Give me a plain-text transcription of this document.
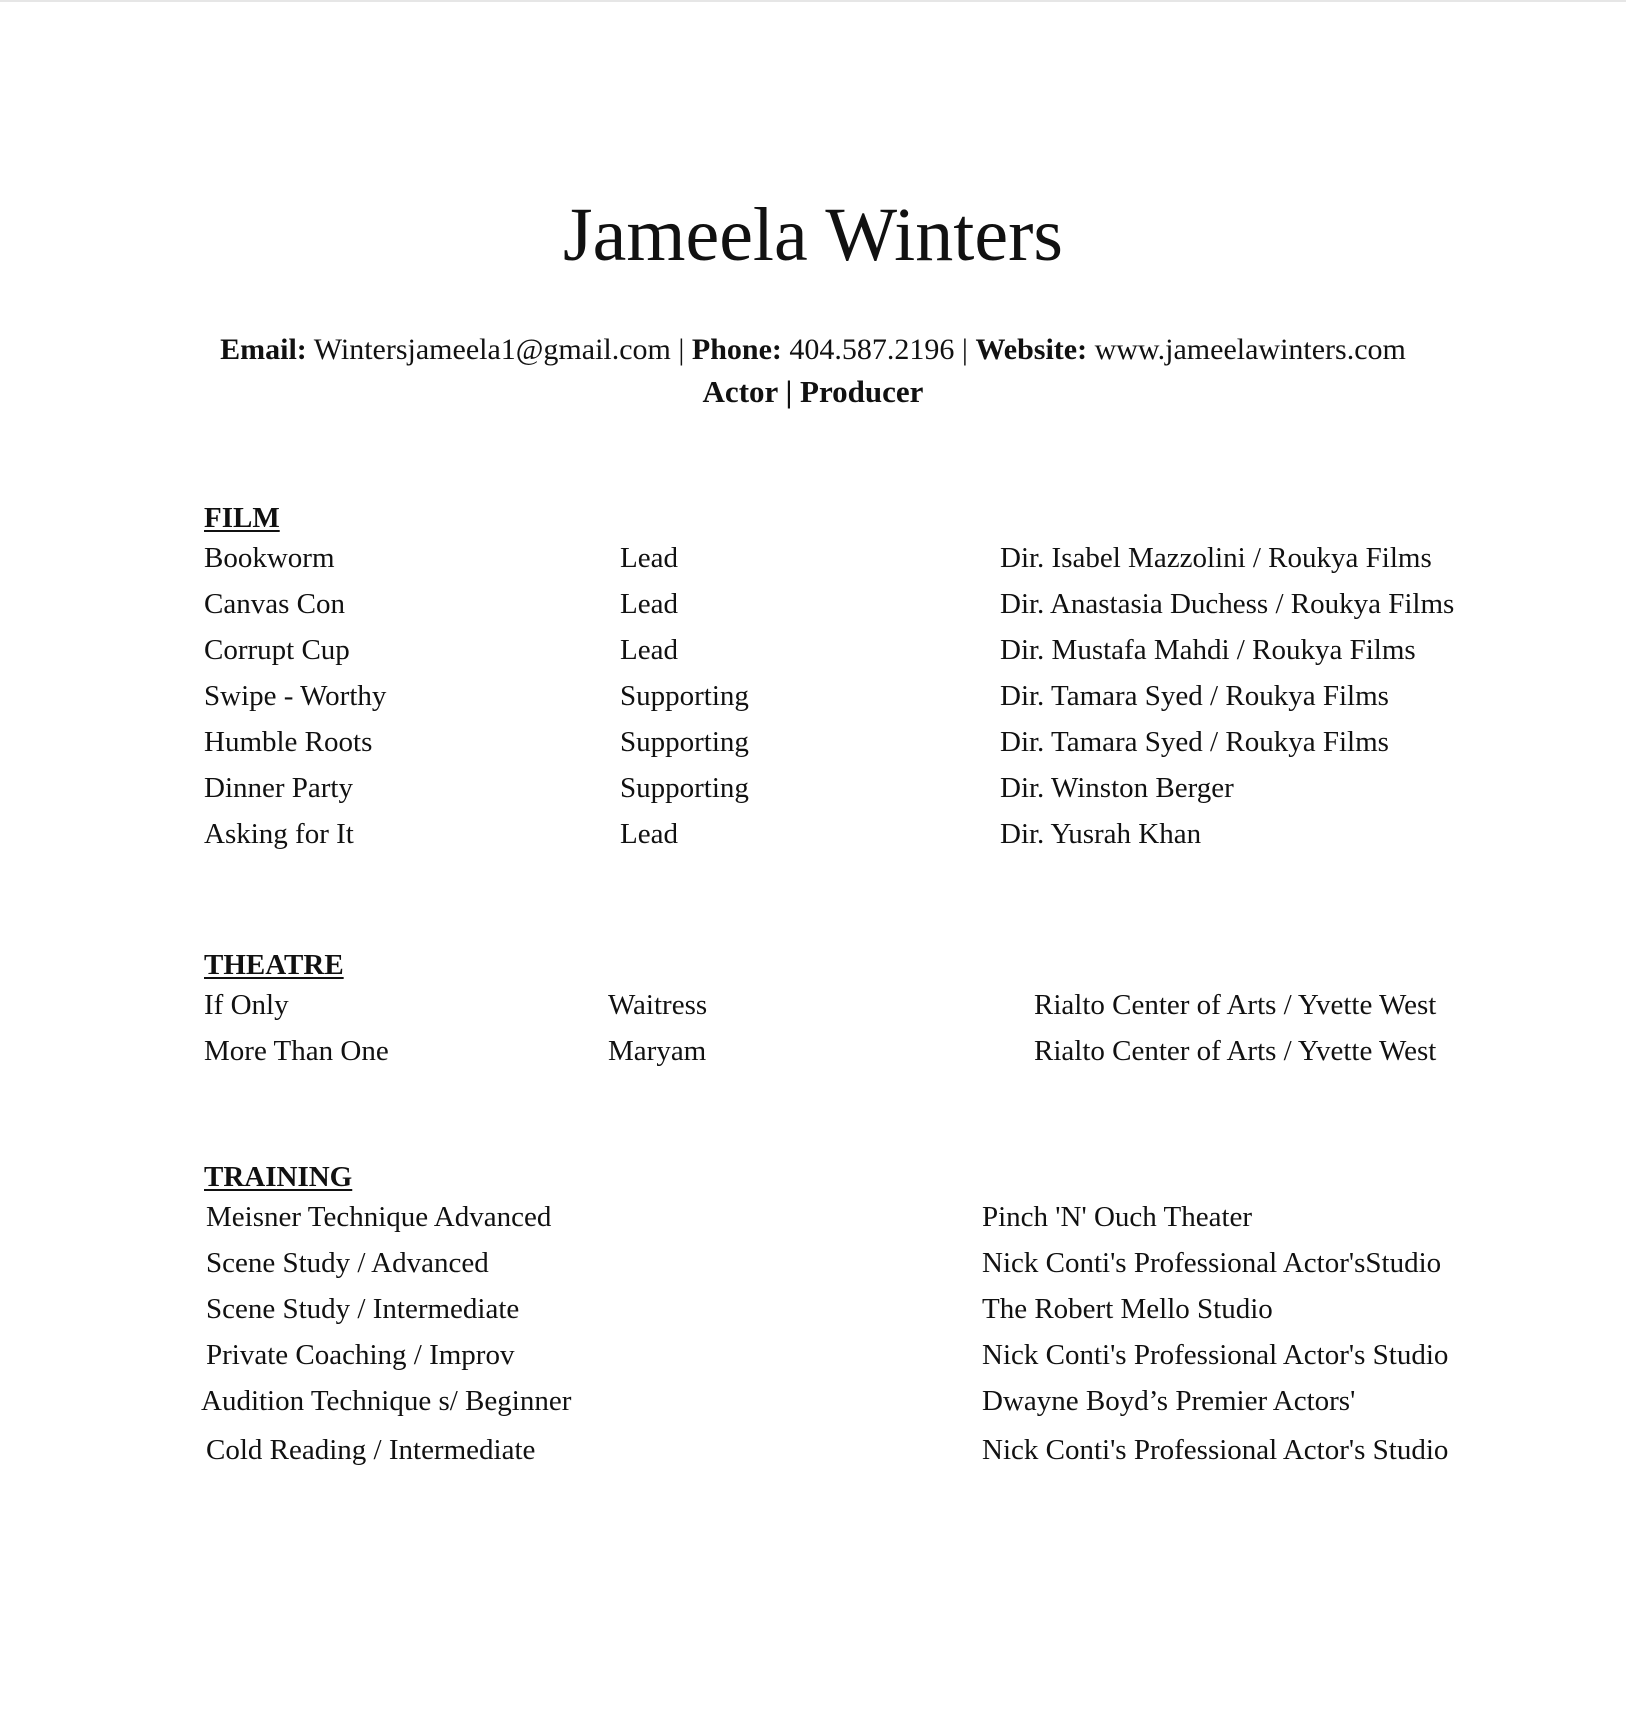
Jameela Winters
Email: Wintersjameela1@gmail.com | Phone: 404.587.2196 | Website: www.jameelawinters.com
Actor | Producer
FILM
Bookworm	Lead	Dir. Isabel Mazzolini / Roukya Films
Canvas Con	Lead	Dir. Anastasia Duchess / Roukya Films
Corrupt Cup	Lead	Dir. Mustafa Mahdi / Roukya Films
Swipe - Worthy	Supporting	Dir. Tamara Syed / Roukya Films
Humble Roots	Supporting	Dir. Tamara Syed / Roukya Films
Dinner Party	Supporting	Dir. Winston Berger
Asking for It	Lead	Dir. Yusrah Khan
THEATRE
If Only	Waitress	Rialto Center of Arts / Yvette West
More Than One	Maryam	Rialto Center of Arts / Yvette West
TRAINING
Meisner Technique Advanced	Pinch 'N' Ouch Theater
Scene Study / Advanced	Nick Conti's Professional Actor'sStudio
Scene Study / Intermediate	The Robert Mello Studio
Private Coaching / Improv	Nick Conti's Professional Actor's Studio
Audition Technique s/ Beginner	Dwayne Boyd’s Premier Actors'
Cold Reading / Intermediate	Nick Conti's Professional Actor's Studio
